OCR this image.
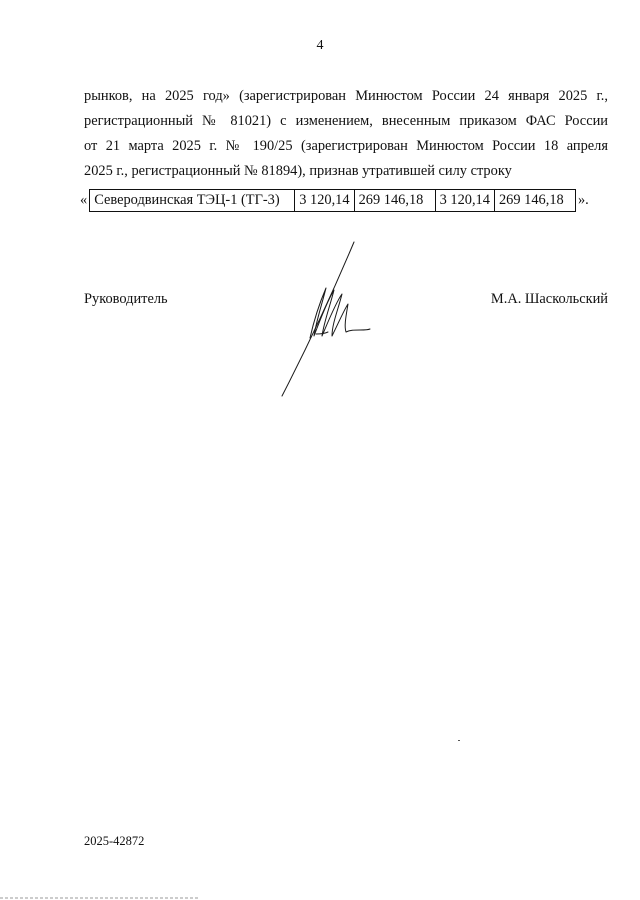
4
рынков, на 2025 год» (зарегистрирован Минюстом России 24 января 2025 г.,
регистрационный № 81021) с изменением, внесенным приказом ФАС России
от 21 марта 2025 г. № 190/25 (зарегистрирован Минюстом России 18 апреля
2025 г., регистрационный № 81894), признав утратившей силу строку
« Северодвинская ТЭЦ-1 (ТГ-3)	3 120,14	269 146,18	3 120,14	269 146,18 ».
Руководитель	М.А. Шаскольский
2025-42872
